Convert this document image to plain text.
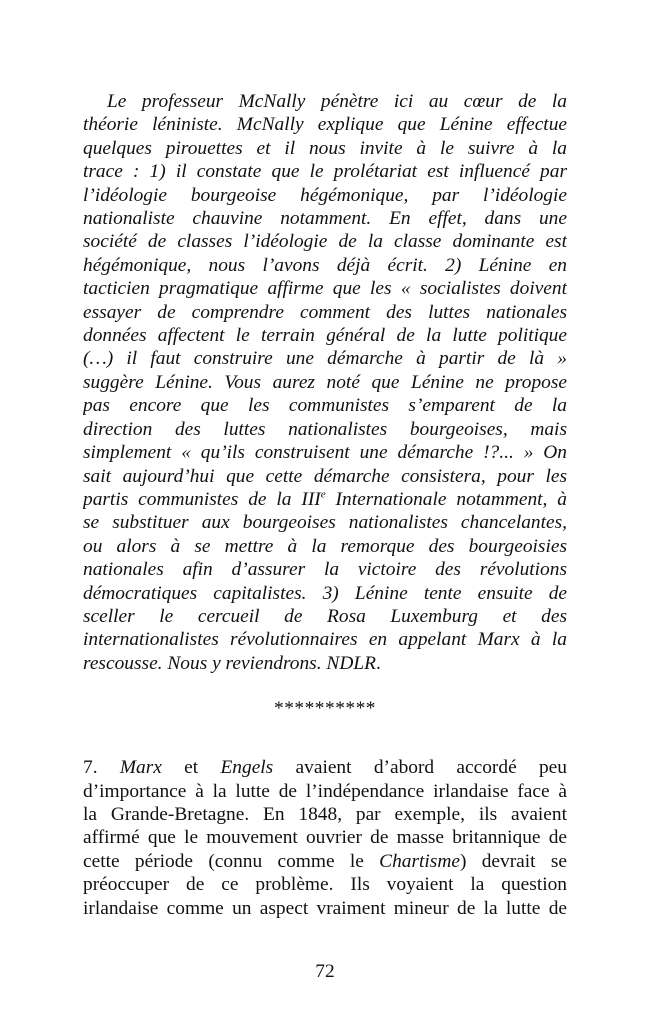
Le professeur McNally pénètre ici au cœur de la
théorie léniniste. McNally explique que Lénine effectue
quelques pirouettes et il nous invite à le suivre à la
trace : 1) il constate que le prolétariat est influencé par
l’idéologie bourgeoise hégémonique, par l’idéologie
nationaliste chauvine notamment. En effet, dans une
société de classes l’idéologie de la classe dominante est
hégémonique, nous l’avons déjà écrit. 2) Lénine en
tacticien pragmatique affirme que les « socialistes doivent
essayer de comprendre comment des luttes nationales
données affectent le terrain général de la lutte politique
(…) il faut construire une démarche à partir de là »
suggère Lénine. Vous aurez noté que Lénine ne propose
pas encore que les communistes s’emparent de la
direction des luttes nationalistes bourgeoises, mais
simplement « qu’ils construisent une démarche !?... » On
sait aujourd’hui que cette démarche consistera, pour les
partis communistes de la IIIe Internationale notamment, à
se substituer aux bourgeoises nationalistes chancelantes,
ou alors à se mettre à la remorque des bourgeoisies
nationales afin d’assurer la victoire des révolutions
démocratiques capitalistes. 3) Lénine tente ensuite de
sceller le cercueil de Rosa Luxemburg et des
internationalistes révolutionnaires en appelant Marx à la
rescousse. Nous y reviendrons. NDLR.
**********
7. Marx et Engels avaient d’abord accordé peu
d’importance à la lutte de l’indépendance irlandaise face à
la Grande-Bretagne. En 1848, par exemple, ils avaient
affirmé que le mouvement ouvrier de masse britannique de
cette période (connu comme le Chartisme) devrait se
préoccuper de ce problème. Ils voyaient la question
irlandaise comme un aspect vraiment mineur de la lutte de
72
